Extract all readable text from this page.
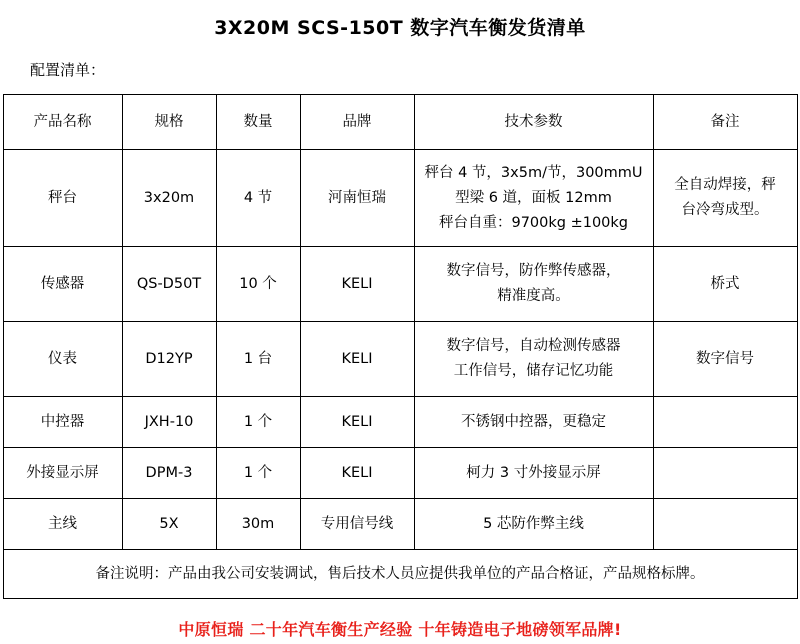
3X20M SCS-150T 数字汽车衡发货清单
配置清单：
产品名称	规格	数量	品牌	技术参数	备注
秤台	3x20m	4 节	河南恒瑞	秤台 4 节，3x5m/节，300mmU
型梁 6 道，面板 12mm
秤台自重：9700kg ±100kg	全自动焊接，秤
台冷弯成型。

传感器	QS-D50T	10 个	KELI	数字信号，防作弊传感器，
精准度高。	桥式
仪表	D12YP	1 台	KELI	数字信号，自动检测传感器
工作信号，储存记忆功能	数字信号
中控器	JXH-10	1 个	KELI	不锈钢中控器，更稳定	
外接显示屏	DPM-3	1 个	KELI	柯力 3 寸外接显示屏	
主线	5X	30m	专用信号线	5 芯防作弊主线	
备注说明：产品由我公司安装调试，售后技术人员应提供我单位的产品合格证，产品规格标牌。					
中原恒瑞 二十年汽车衡生产经验 十年铸造电子地磅领军品牌!
